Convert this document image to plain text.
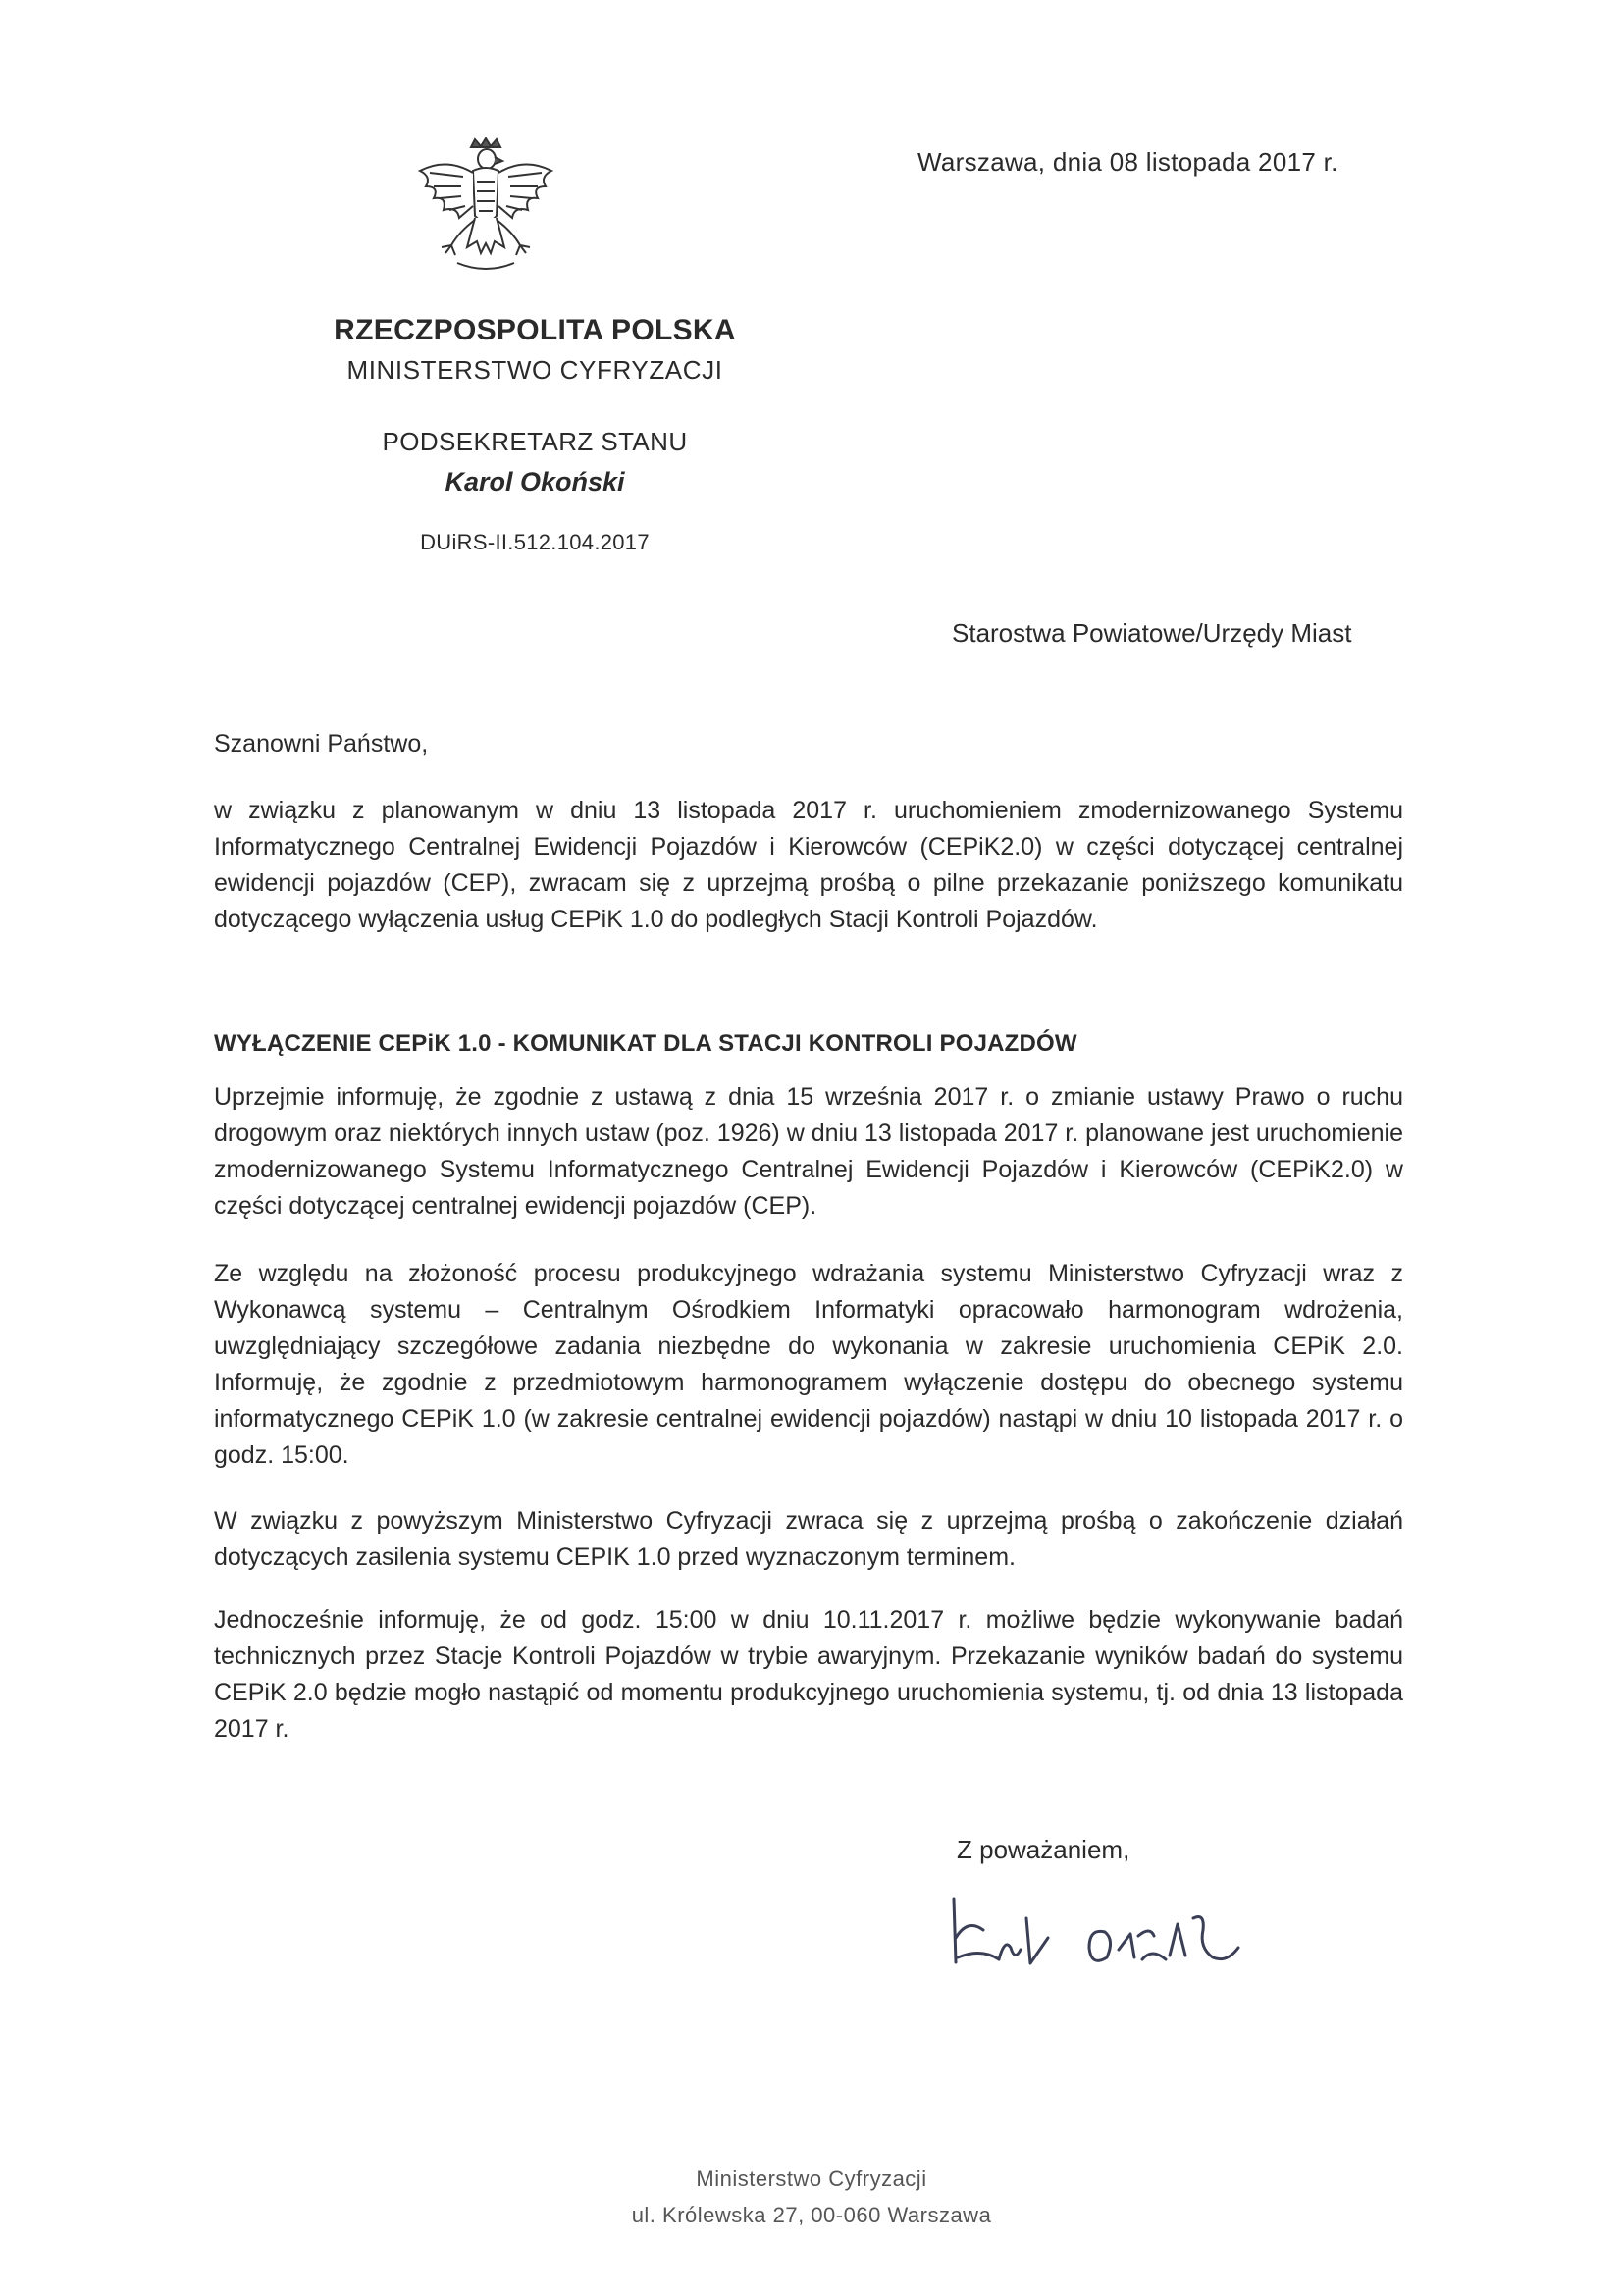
Warszawa, dnia 08 listopada 2017 r.
RZECZPOSPOLITA POLSKA
MINISTERSTWO CYFRYZACJI
PODSEKRETARZ STANU
Karol Okoński
DUiRS-II.512.104.2017
Starostwa Powiatowe/Urzędy Miast

Szanowni Państwo,

w związku z planowanym w dniu 13 listopada 2017 r. uruchomieniem zmodernizowanego Systemu Informatycznego Centralnej Ewidencji Pojazdów i Kierowców (CEPiK2.0) w części dotyczącej centralnej ewidencji pojazdów (CEP), zwracam się z uprzejmą prośbą o pilne przekazanie poniższego komunikatu dotyczącego wyłączenia usług CEPiK 1.0 do podległych Stacji Kontroli Pojazdów.

WYŁĄCZENIE CEPiK 1.0 - KOMUNIKAT DLA STACJI KONTROLI POJAZDÓW

Uprzejmie informuję, że zgodnie z ustawą z dnia 15 września 2017 r. o zmianie ustawy Prawo o ruchu drogowym oraz niektórych innych ustaw (poz. 1926) w dniu 13 listopada 2017 r. planowane jest uruchomienie zmodernizowanego Systemu Informatycznego Centralnej Ewidencji Pojazdów i Kierowców (CEPiK2.0) w części dotyczącej centralnej ewidencji pojazdów (CEP).

Ze względu na złożoność procesu produkcyjnego wdrażania systemu Ministerstwo Cyfryzacji wraz z Wykonawcą systemu – Centralnym Ośrodkiem Informatyki opracowało harmonogram wdrożenia, uwzględniający szczegółowe zadania niezbędne do wykonania w zakresie uruchomienia CEPiK 2.0. Informuję, że zgodnie z przedmiotowym harmonogramem wyłączenie dostępu do obecnego systemu informatycznego CEPiK 1.0 (w zakresie centralnej ewidencji pojazdów) nastąpi w dniu 10 listopada 2017 r. o godz. 15:00.

W związku z powyższym Ministerstwo Cyfryzacji zwraca się z uprzejmą prośbą o zakończenie działań dotyczących zasilenia systemu CEPIK 1.0 przed wyznaczonym terminem.

Jednocześnie informuję, że od godz. 15:00 w dniu 10.11.2017 r. możliwe będzie wykonywanie badań technicznych przez Stacje Kontroli Pojazdów w trybie awaryjnym. Przekazanie wyników badań do systemu CEPiK 2.0 będzie mogło nastąpić od momentu produkcyjnego uruchomienia systemu, tj. od dnia 13 listopada 2017 r.

Z poważaniem,
Ministerstwo Cyfryzacji
ul. Królewska 27, 00-060 Warszawa
